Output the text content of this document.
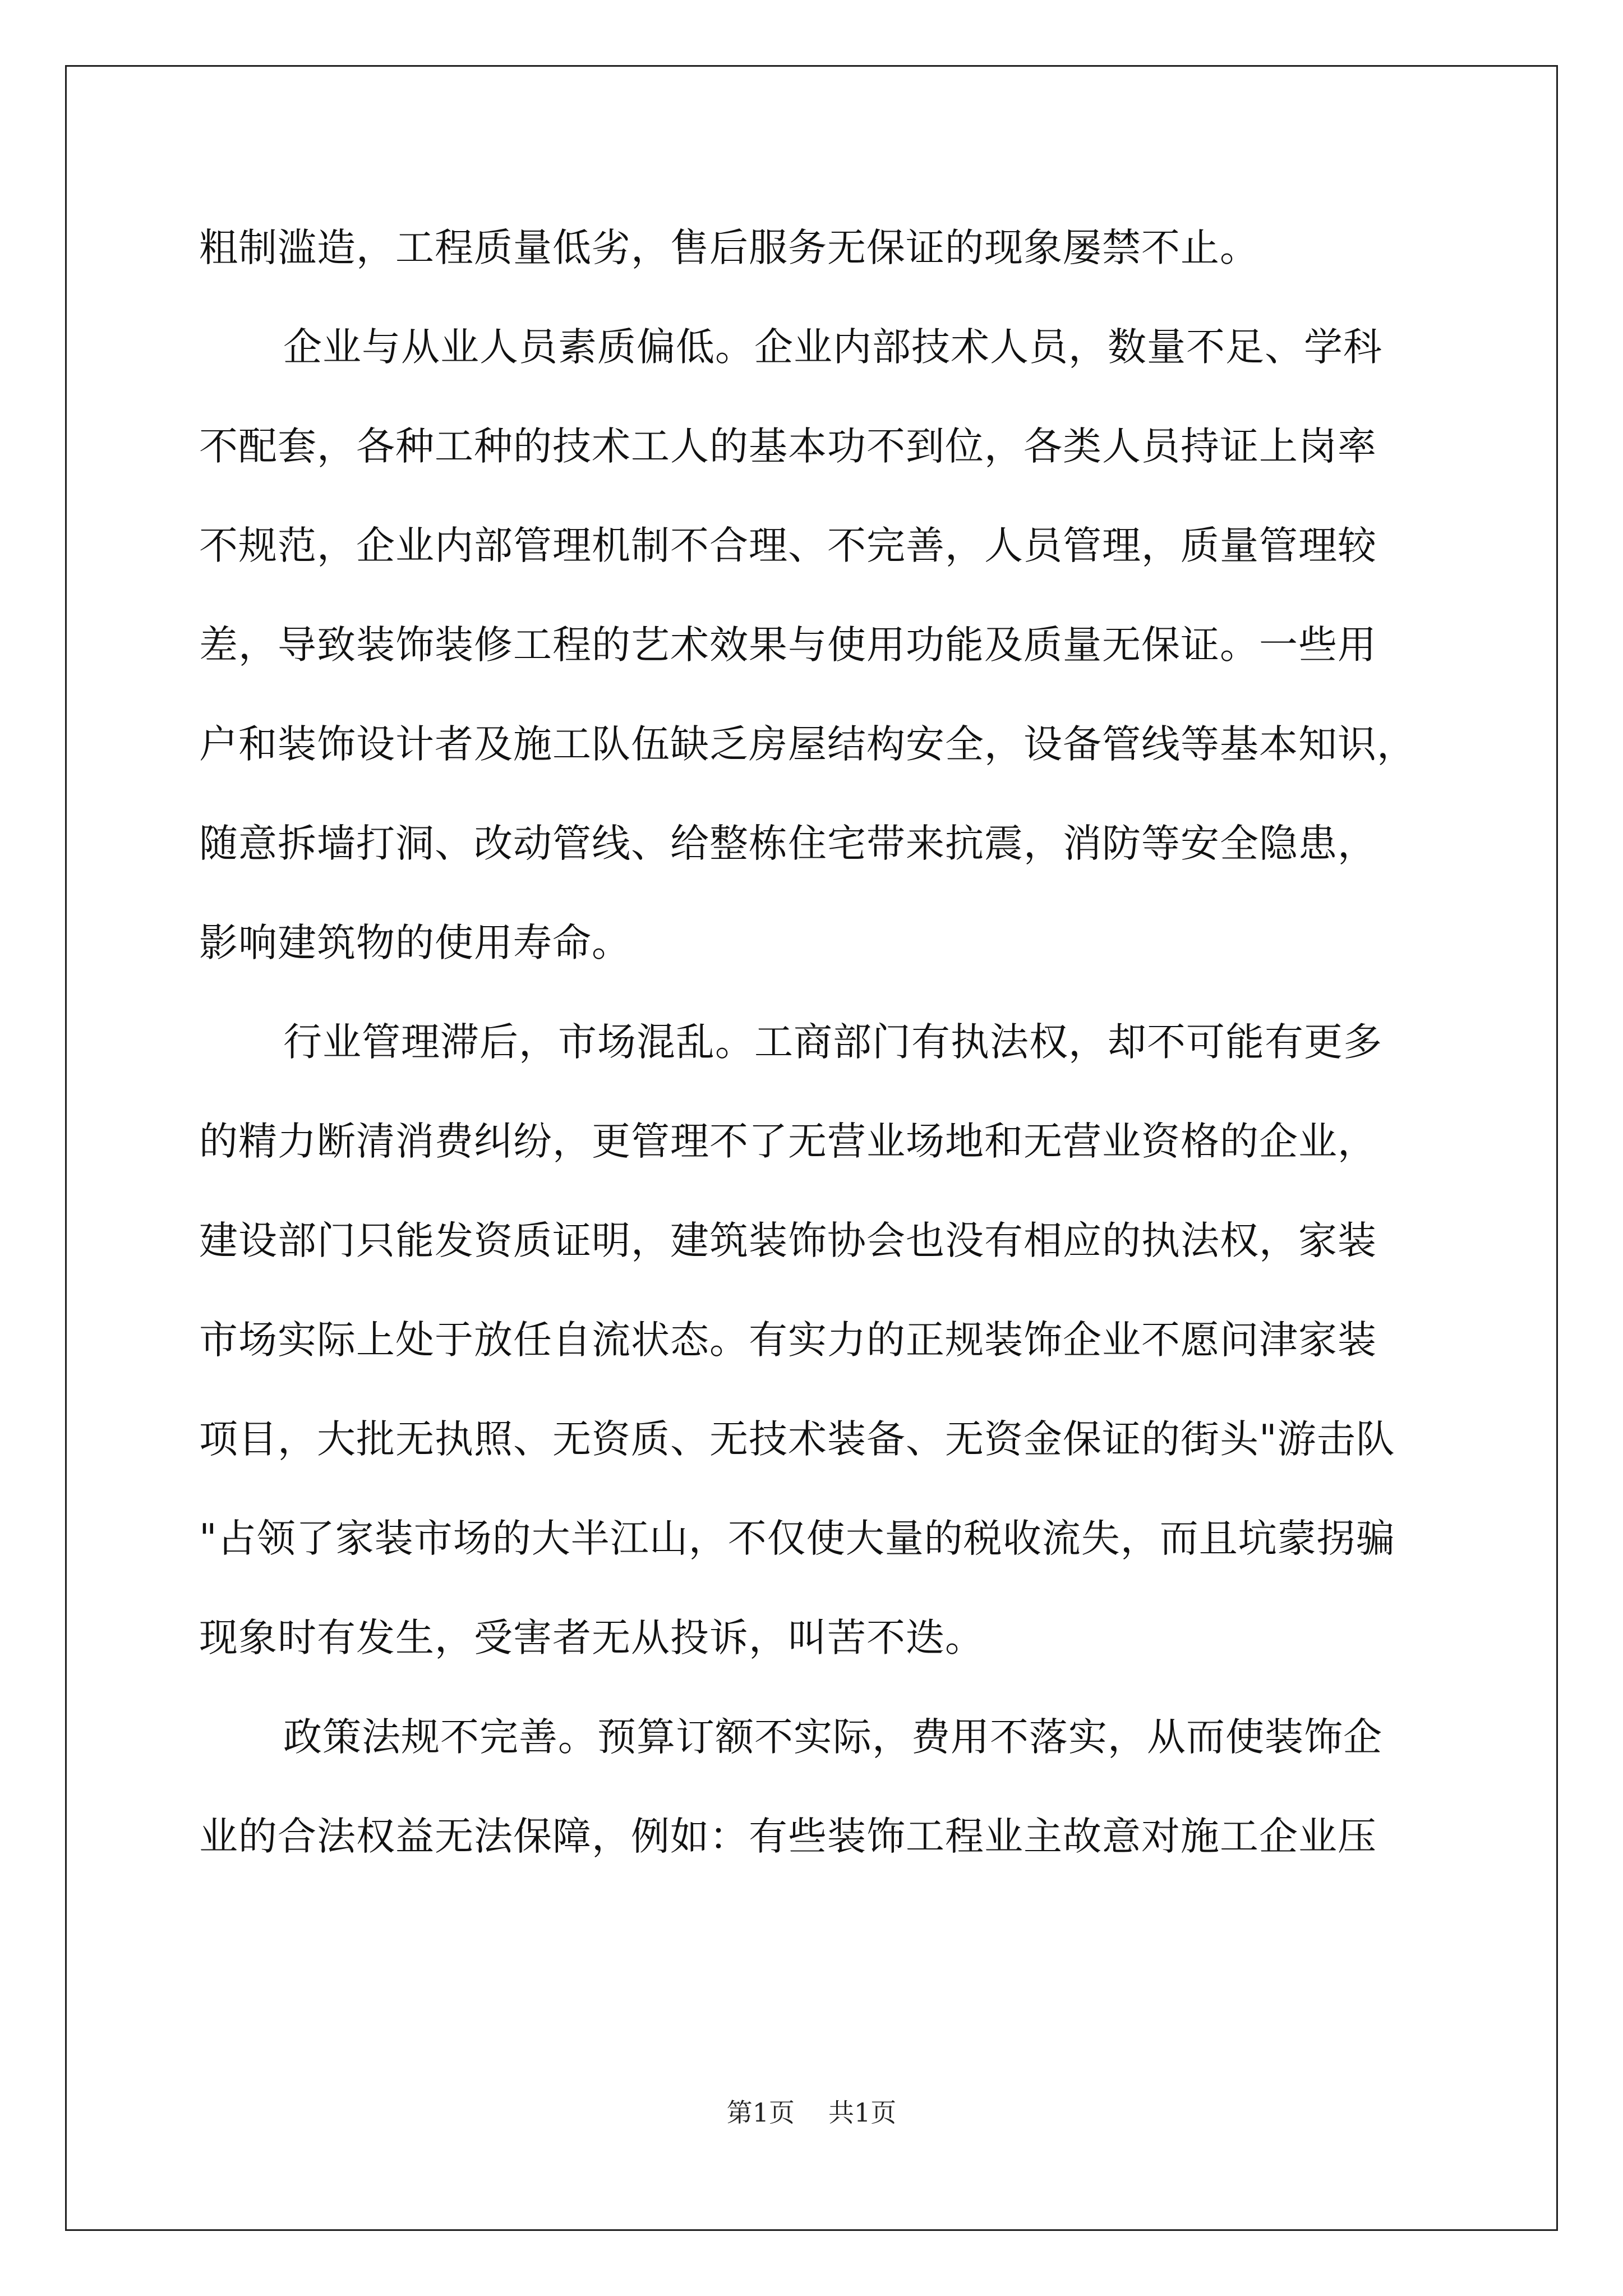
粗制滥造，工程质量低劣，售后服务无保证的现象屡禁不止。
企业与从业人员素质偏低。企业内部技术人员，数量不足、学科
不配套，各种工种的技术工人的基本功不到位，各类人员持证上岗率
不规范，企业内部管理机制不合理、不完善，人员管理，质量管理较
差，导致装饰装修工程的艺术效果与使用功能及质量无保证。一些用
户和装饰设计者及施工队伍缺乏房屋结构安全，设备管线等基本知识，
随意拆墙打洞、改动管线、给整栋住宅带来抗震，消防等安全隐患，
影响建筑物的使用寿命。
行业管理滞后，市场混乱。工商部门有执法权，却不可能有更多
的精力断清消费纠纷，更管理不了无营业场地和无营业资格的企业，
建设部门只能发资质证明，建筑装饰协会也没有相应的执法权，家装
市场实际上处于放任自流状态。有实力的正规装饰企业不愿问津家装
项目，大批无执照、无资质、无技术装备、无资金保证的街头"游击队
"占领了家装市场的大半江山，不仅使大量的税收流失，而且坑蒙拐骗
现象时有发生，受害者无从投诉，叫苦不迭。
政策法规不完善。预算订额不实际，费用不落实，从而使装饰企
业的合法权益无法保障，例如：有些装饰工程业主故意对施工企业压
第1页 共1页
